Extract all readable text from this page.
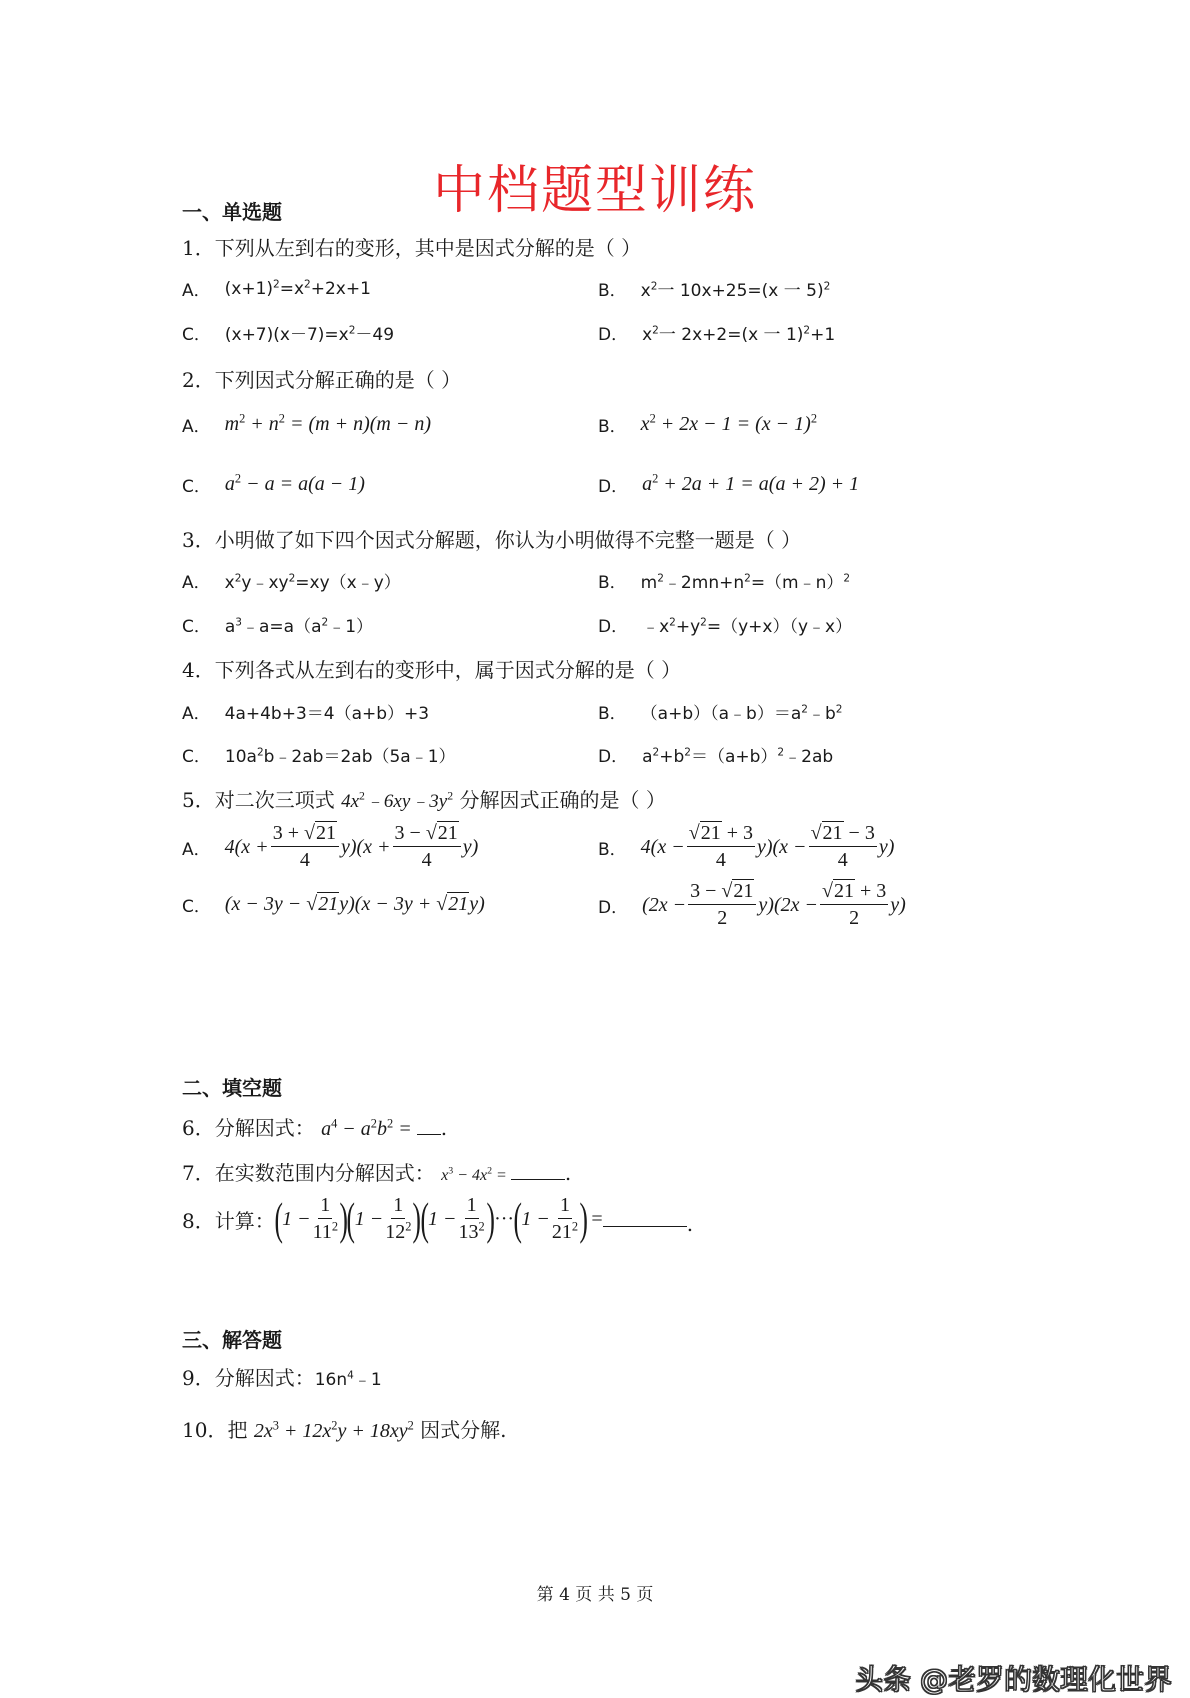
中档题型训练
一、单选题
1．下列从左到右的变形，其中是因式分解的是（ ）
A． $(x+1)^2=x^2+2x+1$	B． $x^2$一 10x+25=(x 一 5)$^2$
C． $(x+7)(x-7)=x^2-49$	D． $x^2$一 2x+2=(x 一 1)$^2$+1
2．下列因式分解正确的是（ ）
A． $m^2 + n^2 = (m + n)(m - n)$	B． $x^2 + 2x - 1 = (x - 1)^2$
C． $a^2 - a = a(a - 1)$	D． $a^2 + 2a + 1 = a(a + 2) + 1$
3．小明做了如下四个因式分解题，你认为小明做得不完整一题是（ ）
A． $x^2y﹣xy^2=xy(x﹣y)$	B． $m^2﹣2mn+n^2=(m﹣n)^2$
C． $a^3﹣a=a(a^2﹣1)$	D． $﹣x^2+y^2=(y+x)(y﹣x)$
4．下列各式从左到右的变形中，属于因式分解的是（ ）
A． 4a+4b+3＝4（a+b）+3	B． $(a+b)(a﹣b)=a^2﹣b^2$
C． $10a^2b﹣2ab=2ab(5a﹣1)$	D． $a^2+b^2=(a+b)^2﹣2ab$
5．对二次三项式 $4x^2﹣6xy﹣3y^2$ 分解因式正确的是（ ）
A． $4(x + \frac{3 + √21}{4} y)(x + \frac{3 - √21}{4} y)$	B． $4(x - \frac{√21 + 3}{4} y)(x - \frac{√21 - 3}{4} y)$
C． (x − 3y − √21y)(x − 3y + √21y)	D． $(2x - \frac{3 - √21}{2} y)(2x - \frac{√21 + 3}{2} y)$
二、填空题
6．分解因式： $a^4 - a^2b^2$ = .
7．在实数范围内分解因式： $x^3 - 4x^2$ =	.
8．计算： ( $1 - \frac{1}{11^2}$ )
( $1 - \frac{1}{12^2}$ )
( $1 - \frac{1}{13^2}$ ) ··· ( $1 - \frac{1}{21^2}$ ) =	.
三、解答题
9．分解因式：$16n^4﹣1$
10．把 $2x^3 + 12x^2y + 18xy^2$ 因式分解.
第 4 页 共 5 页
头条 @老罗的数理化世界
